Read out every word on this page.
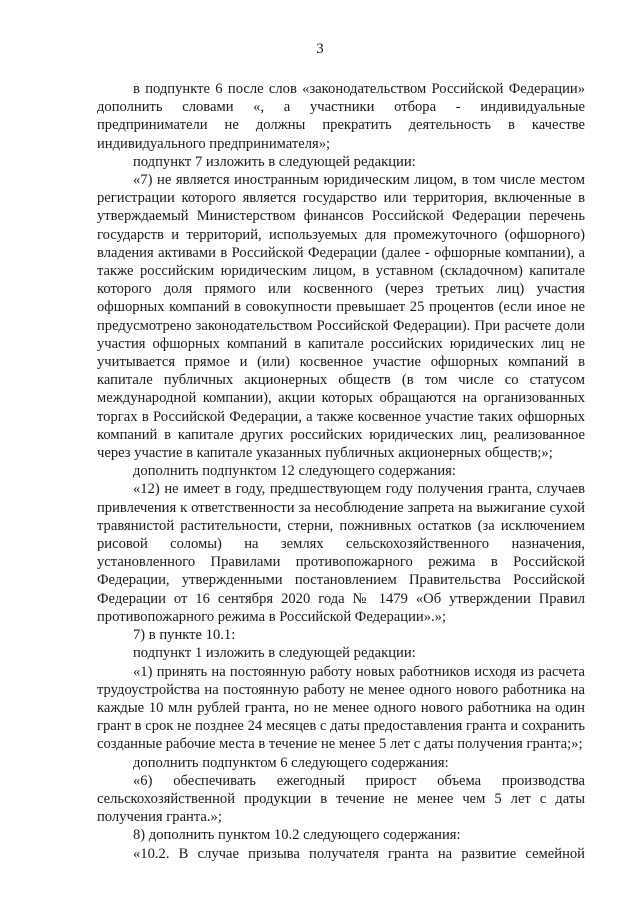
3

в подпункте 6 после слов «законодательством Российской Федерации» дополнить словами «, а участники отбора - индивидуальные предприниматели не должны прекратить деятельность в качестве индивидуального предпринимателя»;

подпункт 7 изложить в следующей редакции:

«7) не является иностранным юридическим лицом, в том числе местом регистрации которого является государство или территория, включенные в утверждаемый Министерством финансов Российской Федерации перечень государств и территорий, используемых для промежуточного (офшорного) владения активами в Российской Федерации (далее - офшорные компании), а также российским юридическим лицом, в уставном (складочном) капитале которого доля прямого или косвенного (через третьих лиц) участия офшорных компаний в совокупности превышает 25 процентов (если иное не предусмотрено законодательством Российской Федерации). При расчете доли участия офшорных компаний в капитале российских юридических лиц не учитывается прямое и (или) косвенное участие офшорных компаний в капитале публичных акционерных обществ (в том числе со статусом международной компании), акции которых обращаются на организованных торгах в Российской Федерации, а также косвенное участие таких офшорных компаний в капитале других российских юридических лиц, реализованное через участие в капитале указанных публичных акционерных обществ;»;

дополнить подпунктом 12 следующего содержания:

«12) не имеет в году, предшествующем году получения гранта, случаев привлечения к ответственности за несоблюдение запрета на выжигание сухой травянистой растительности, стерни, пожнивных остатков (за исключением рисовой соломы) на землях сельскохозяйственного назначения, установленного Правилами противопожарного режима в Российской Федерации, утвержденными постановлением Правительства Российской Федерации от 16 сентября 2020 года № 1479 «Об утверждении Правил противопожарного режима в Российской Федерации».»;

7) в пункте 10.1:

подпункт 1 изложить в следующей редакции:

«1) принять на постоянную работу новых работников исходя из расчета трудоустройства на постоянную работу не менее одного нового работника на каждые 10 млн рублей гранта, но не менее одного нового работника на один грант в срок не позднее 24 месяцев с даты предоставления гранта и сохранить созданные рабочие места в течение не менее 5 лет с даты получения гранта;»;

дополнить подпунктом 6 следующего содержания:

«6) обеспечивать ежегодный прирост объема производства сельскохозяйственной продукции в течение не менее чем 5 лет с даты получения гранта.»;

8) дополнить пунктом 10.2 следующего содержания:

«10.2. В случае призыва получателя гранта на развитие семейной
